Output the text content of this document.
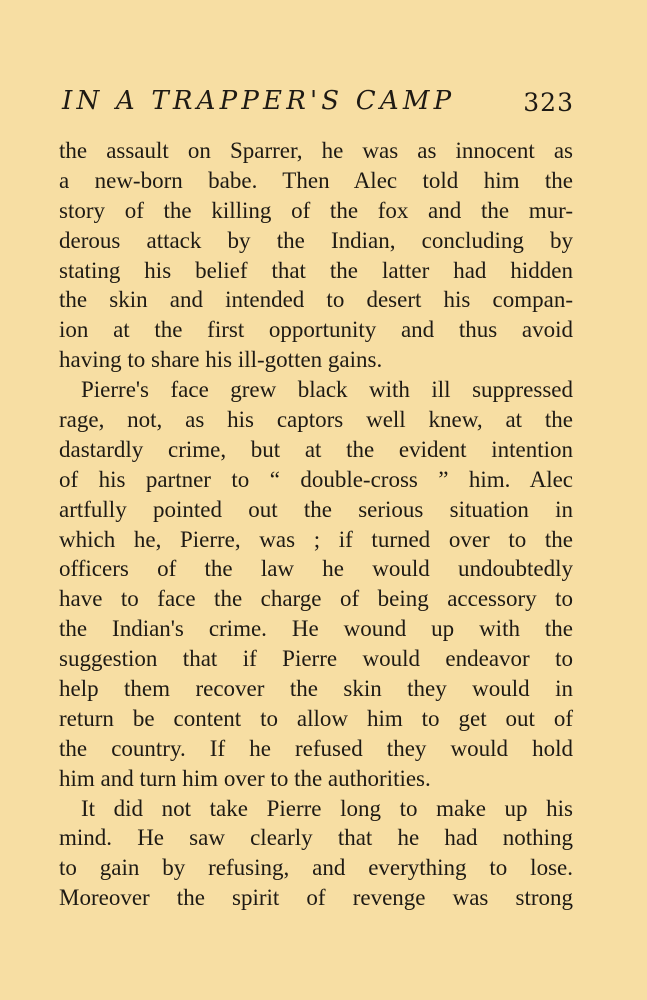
IN A TRAPPER'S CAMP	323
the assault on Sparrer, he was as innocent as
a new-born babe. Then Alec told him the
story of the killing of the fox and the mur-
derous attack by the Indian, concluding by
stating his belief that the latter had hidden
the skin and intended to desert his compan-
ion at the first opportunity and thus avoid
having to share his ill-gotten gains.
Pierre's face grew black with ill suppressed
rage, not, as his captors well knew, at the
dastardly crime, but at the evident intention
of his partner to “ double-cross ” him. Alec
artfully pointed out the serious situation in
which he, Pierre, was ; if turned over to the
officers of the law he would undoubtedly
have to face the charge of being accessory to
the Indian's crime. He wound up with the
suggestion that if Pierre would endeavor to
help them recover the skin they would in
return be content to allow him to get out of
the country. If he refused they would hold
him and turn him over to the authorities.
It did not take Pierre long to make up his
mind. He saw clearly that he had nothing
to gain by refusing, and everything to lose.
Moreover the spirit of revenge was strong
